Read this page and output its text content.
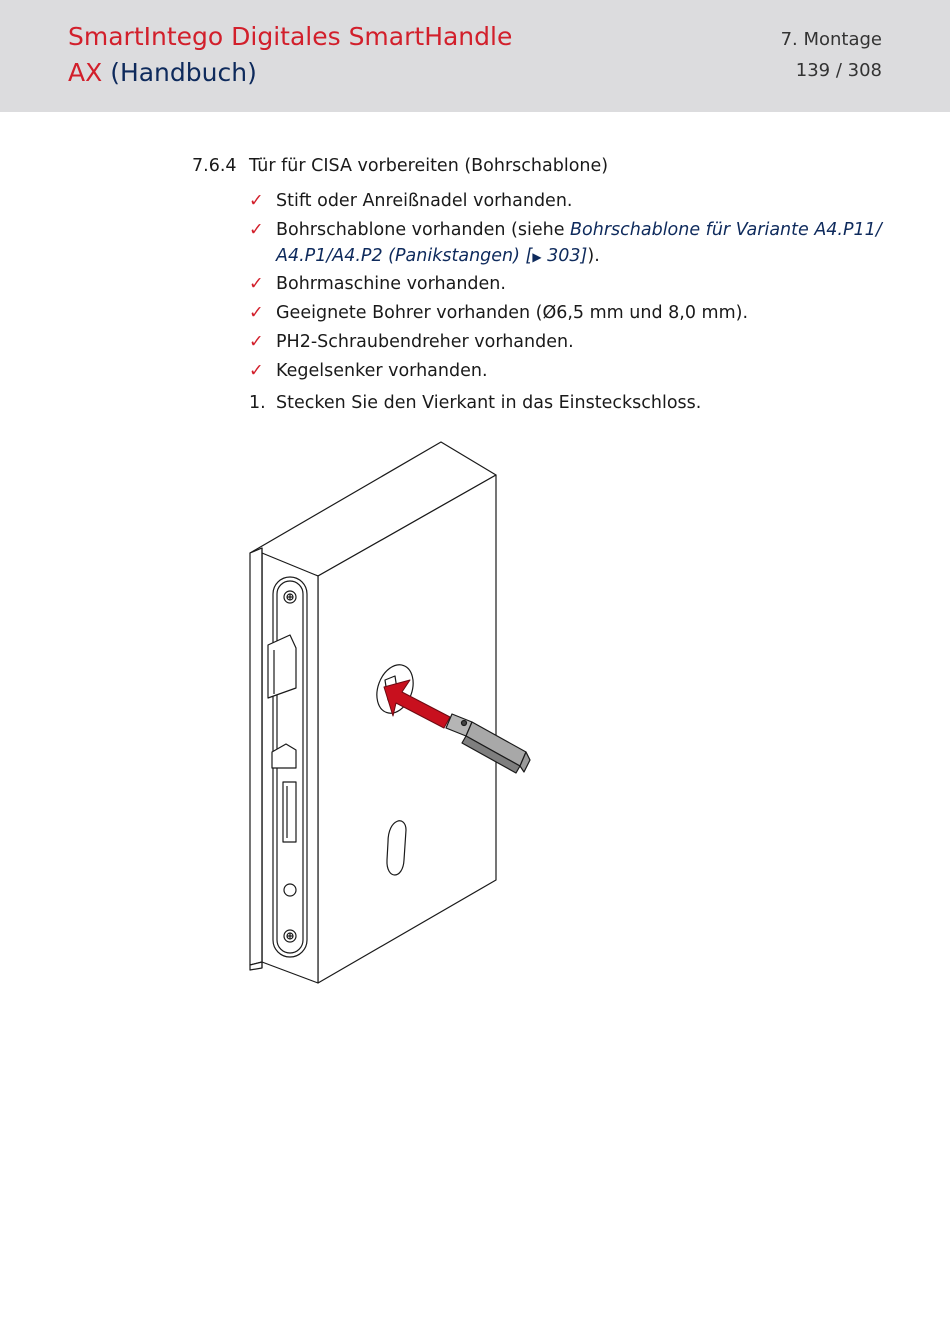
SmartIntego Digitales SmartHandle
AX (Handbuch)
7. Montage
139 / 308
7.6.4 Tür für CISA vorbereiten (Bohrschablone)
✓ Stift oder Anreißnadel vorhanden.
✓ Bohrschablone vorhanden (siehe Bohrschablone für Variante A4.P11/
A4.P1/A4.P2 (Panikstangen) [▶ 303]).
✓ Bohrmaschine vorhanden.
✓ Geeignete Bohrer vorhanden (Ø6,5 mm und 8,0 mm).
✓ PH2-Schraubendreher vorhanden.
✓ Kegelsenker vorhanden.
1. Stecken Sie den Vierkant in das Einsteckschloss.
